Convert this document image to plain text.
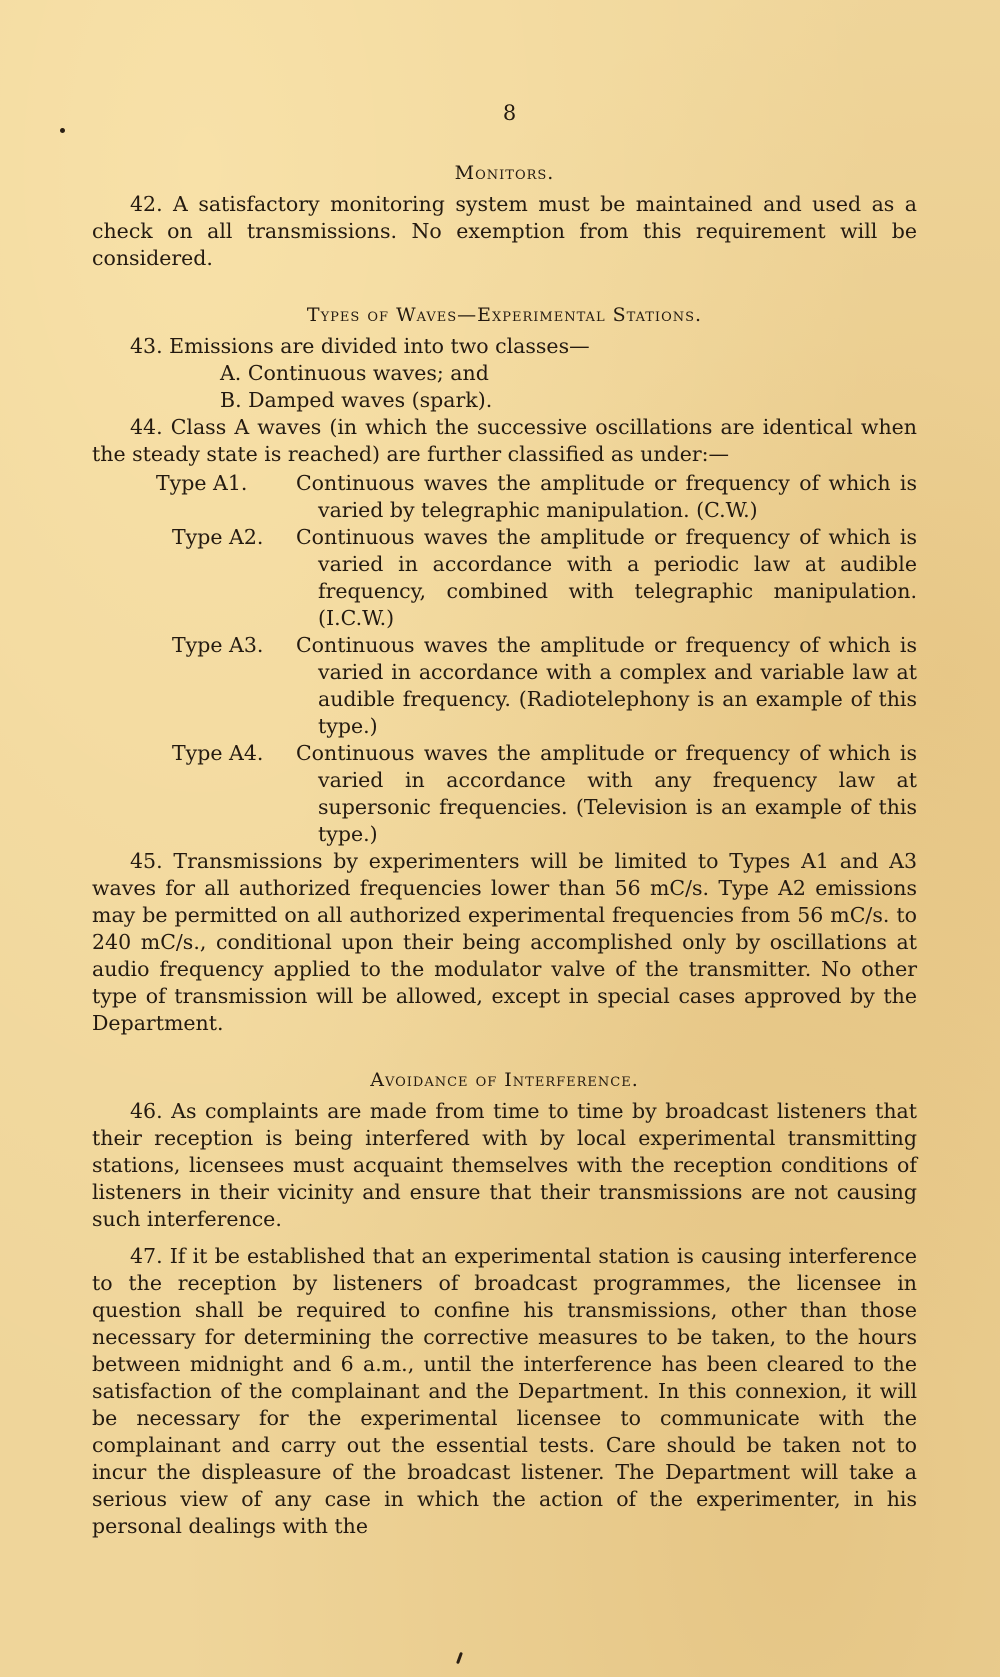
8
Monitors.

42. A satisfactory monitoring system must be maintained and used as a check on all transmissions. No exemption from this requirement will be considered.

Types of Waves—Experimental Stations.

43. Emissions are divided into two classes—

A. Continuous waves; and
B. Damped waves (spark).

44. Class A waves (in which the successive oscillations are identical when the steady state is reached) are further classified as under:—

Type A1.	Continuous waves the amplitude or frequency of which is varied by telegraphic manipulation. (C.W.)
Type A2.	Continuous waves the amplitude or frequency of which is varied in accordance with a periodic law at audible frequency, combined with telegraphic manipulation. (I.C.W.)
Type A3.	Continuous waves the amplitude or frequency of which is varied in accordance with a complex and variable law at audible frequency. (Radiotelephony is an example of this type.)
Type A4.	Continuous waves the amplitude or frequency of which is varied in accordance with any frequency law at supersonic frequencies. (Television is an example of this type.)

45. Transmissions by experimenters will be limited to Types A1 and A3 waves for all authorized frequencies lower than 56 mC/s. Type A2 emissions may be permitted on all authorized experimental frequencies from 56 mC/s. to 240 mC/s., conditional upon their being accomplished only by oscillations at audio frequency applied to the modulator valve of the transmitter. No other type of transmission will be allowed, except in special cases approved by the Department.

Avoidance of Interference.

46. As complaints are made from time to time by broadcast listeners that their reception is being interfered with by local experimental transmitting stations, licensees must acquaint themselves with the reception conditions of listeners in their vicinity and ensure that their transmissions are not causing such interference.

47. If it be established that an experimental station is causing interference to the reception by listeners of broadcast programmes, the licensee in question shall be required to confine his transmissions, other than those necessary for determining the corrective measures to be taken, to the hours between midnight and 6 a.m., until the interference has been cleared to the satisfaction of the complainant and the Department. In this connexion, it will be necessary for the experimental licensee to communicate with the complainant and carry out the essential tests. Care should be taken not to incur the displeasure of the broadcast listener. The Department will take a serious view of any case in which the action of the experimenter, in his personal dealings with the
